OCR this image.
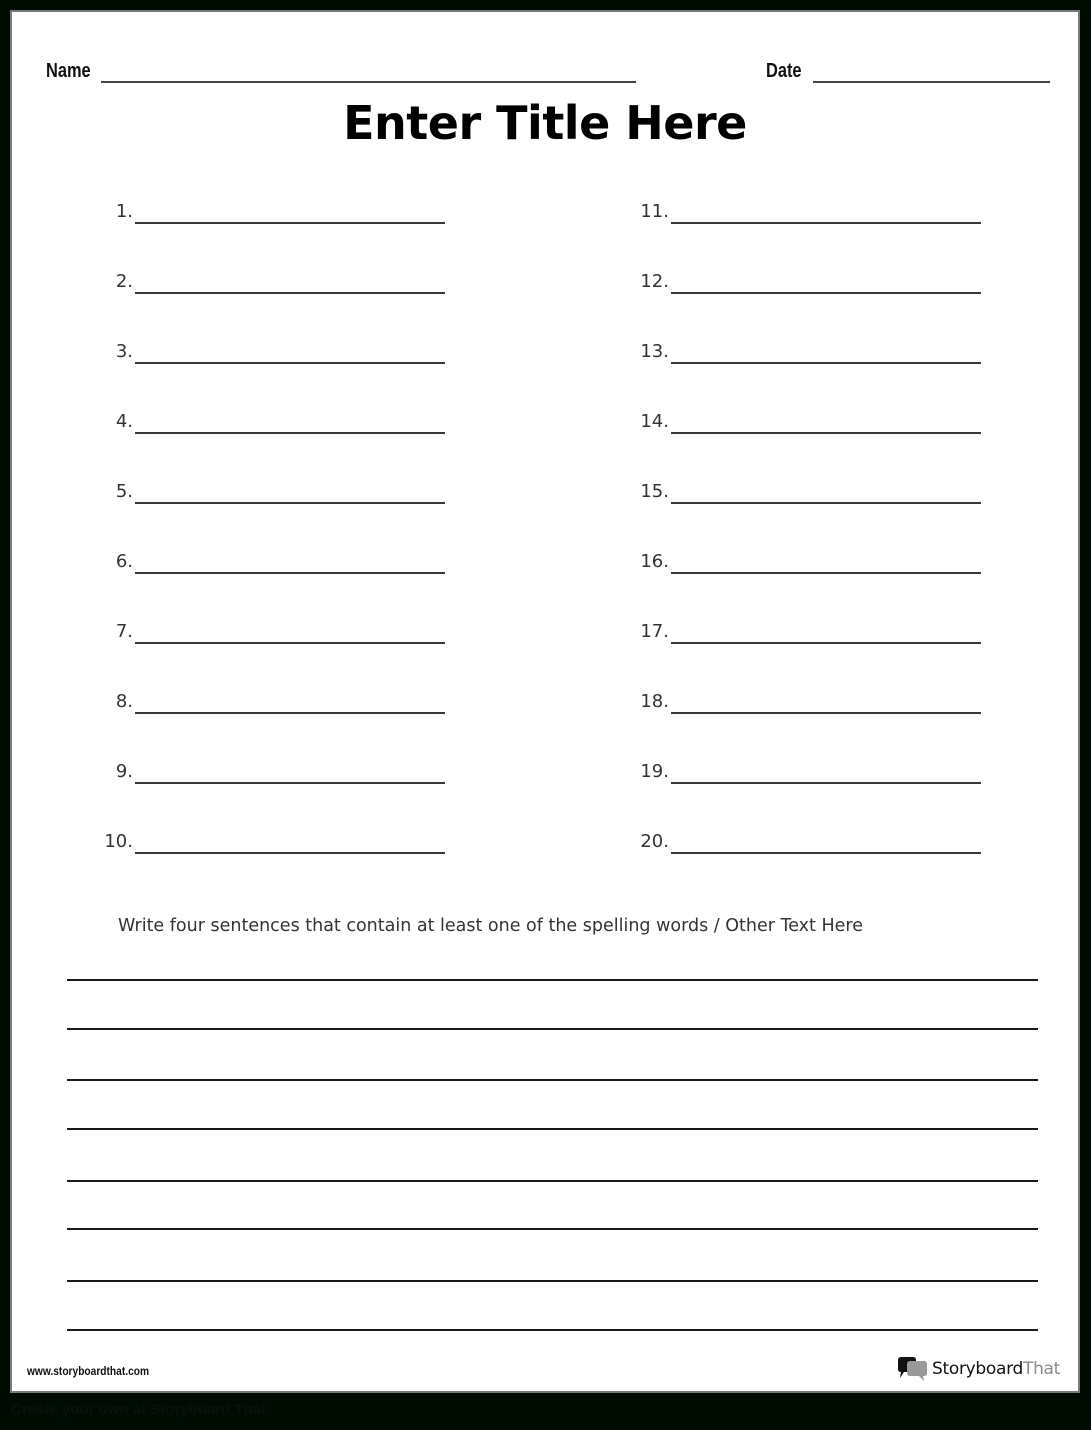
Name	Date
Enter Title Here
1.
2.
3.
4.
5.
6.
7.
8.
9.
10.
11.
12.
13.
14.
15.
16.
17.
18.
19.
20.
Write four sentences that contain at least one of the spelling words / Other Text Here
www.storyboardthat.com	Storyboard That
Create your own at Storyboard That
